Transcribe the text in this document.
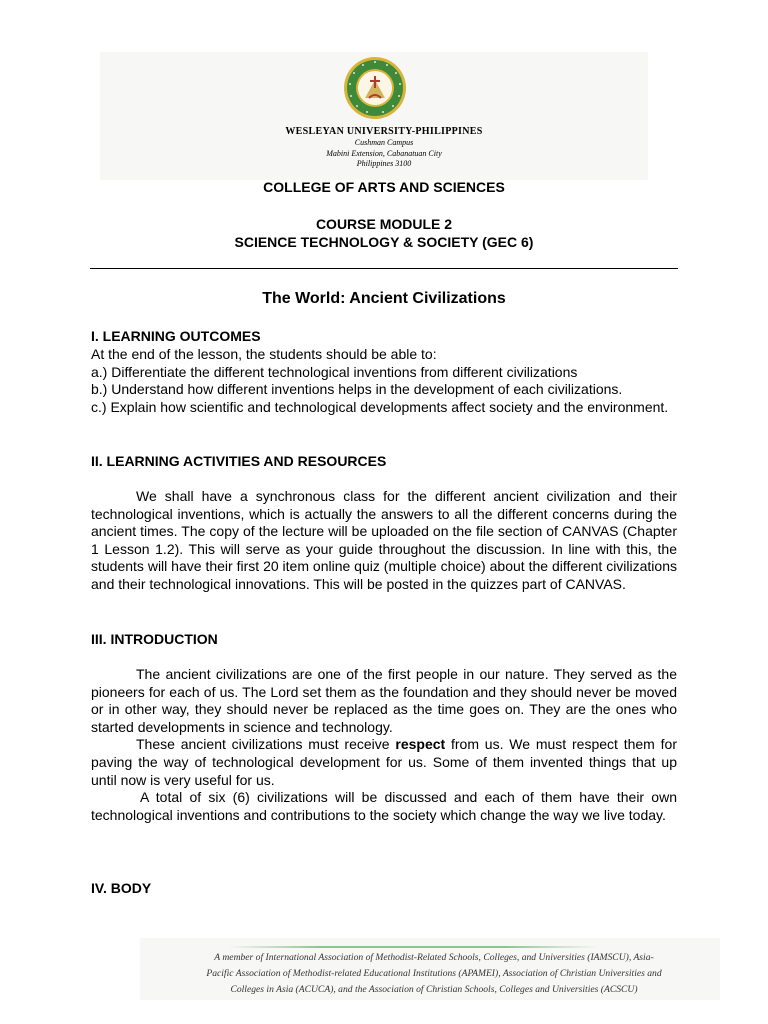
WESLEYAN UNIVERSITY-PHILIPPINES
Cushman Campus
Mabini Extension, Cabanatuan City
Philippines 3100
COLLEGE OF ARTS AND SCIENCES
COURSE MODULE 2
SCIENCE TECHNOLOGY & SOCIETY (GEC 6)
The World: Ancient Civilizations
I. LEARNING OUTCOMES
At the end of the lesson, the students should be able to:
a.) Differentiate the different technological inventions from different civilizations
b.) Understand how different inventions helps in the development of each civilizations.
c.) Explain how scientific and technological developments affect society and the environment.
II. LEARNING ACTIVITIES AND RESOURCES
We shall have a synchronous class for the different ancient civilization and their technological inventions, which is actually the answers to all the different concerns during the ancient times. The copy of the lecture will be uploaded on the file section of CANVAS (Chapter 1 Lesson 1.2). This will serve as your guide throughout the discussion. In line with this, the students will have their first 20 item online quiz (multiple choice) about the different civilizations and their technological innovations. This will be posted in the quizzes part of CANVAS.
III. INTRODUCTION
The ancient civilizations are one of the first people in our nature. They served as the pioneers for each of us. The Lord set them as the foundation and they should never be moved or in other way, they should never be replaced as the time goes on. They are the ones who started developments in science and technology.
These ancient civilizations must receive respect from us. We must respect them for paving the way of technological development for us. Some of them invented things that up until now is very useful for us.
A total of six (6) civilizations will be discussed and each of them have their own technological inventions and contributions to the society which change the way we live today.
IV. BODY
A member of International Association of Methodist-Related Schools, Colleges, and Universities (IAMSCU), Asia-
Pacific Association of Methodist-related Educational Institutions (APAMEI), Association of Christian Universities and
Colleges in Asia (ACUCA), and the Association of Christian Schools, Colleges and Universities (ACSCU)
